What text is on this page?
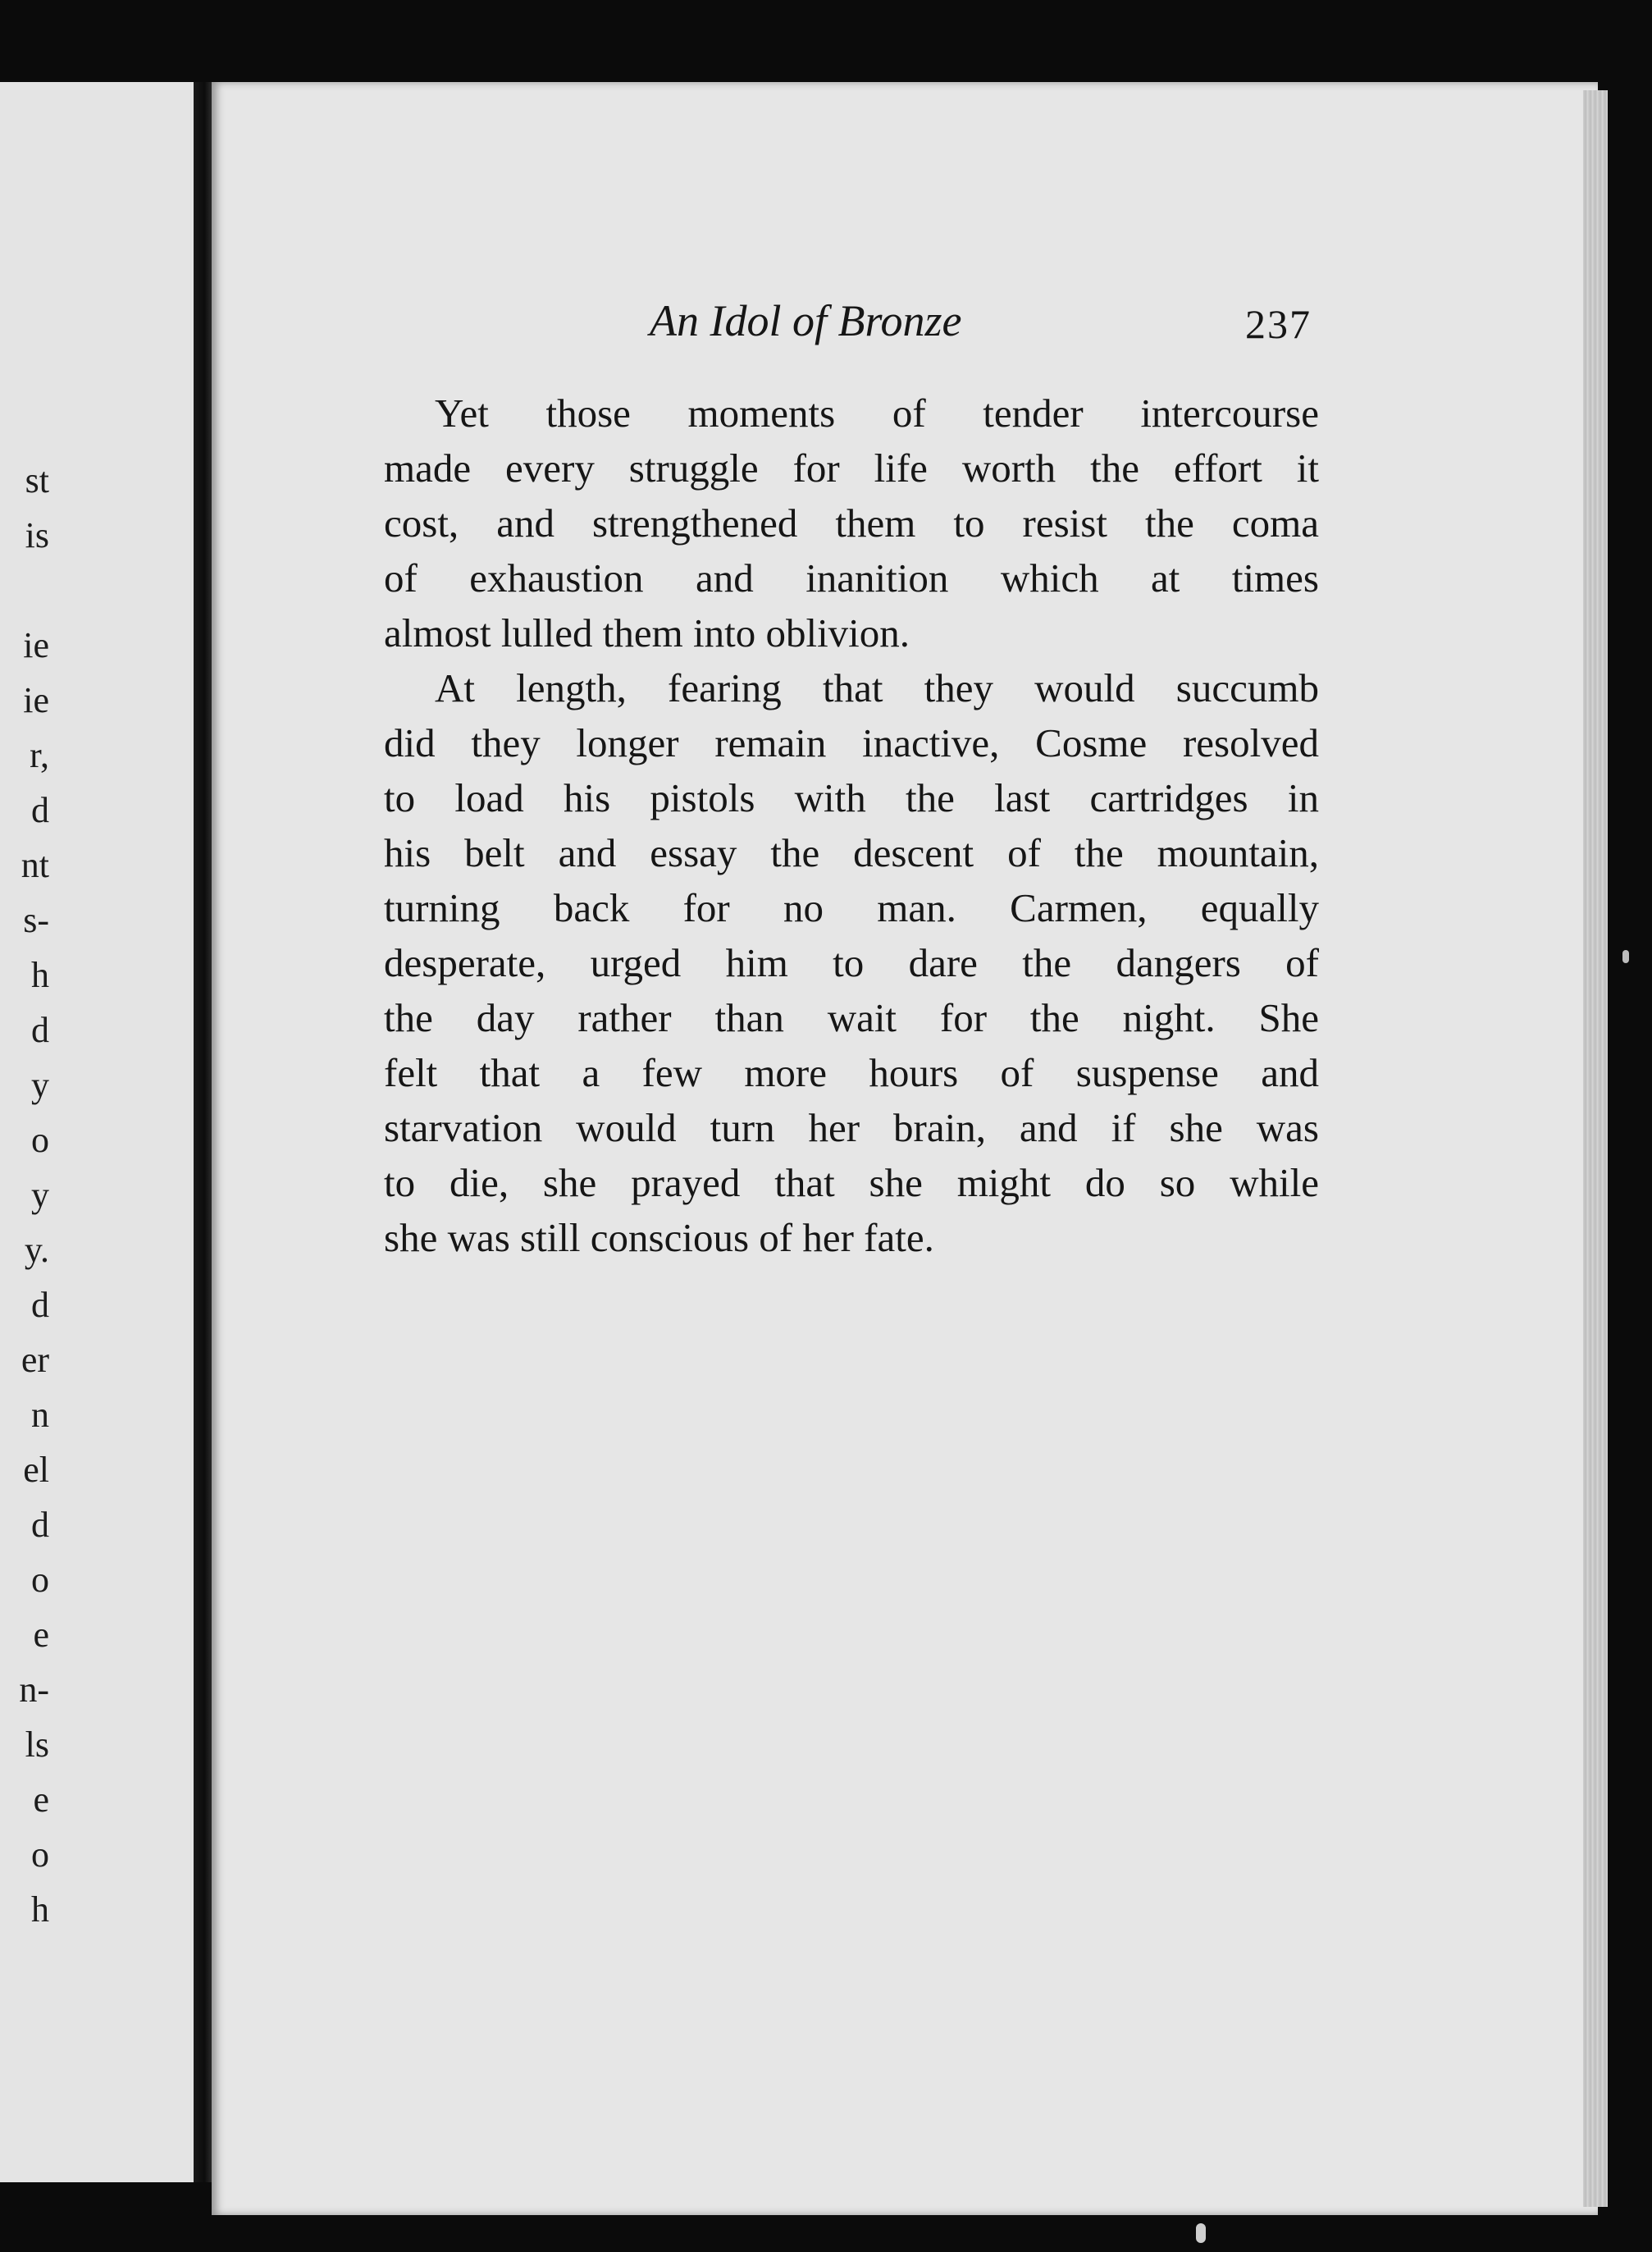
st
is
ie
ie
r,
d
nt
s-
h
d
y
o
y
y.
d
er
n
el
d
o
e
n-
ls
e
o
h
An Idol of Bronze	237

Yet those moments of tender intercourse
made every struggle for life worth the effort it
cost, and strengthened them to resist the coma
of exhaustion and inanition which at times
almost lulled them into oblivion.

At length, fearing that they would succumb
did they longer remain inactive, Cosme resolved
to load his pistols with the last cartridges in
his belt and essay the descent of the mountain,
turning back for no man. Carmen, equally
desperate, urged him to dare the dangers of
the day rather than wait for the night. She
felt that a few more hours of suspense and
starvation would turn her brain, and if she was
to die, she prayed that she might do so while
she was still conscious of her fate.
